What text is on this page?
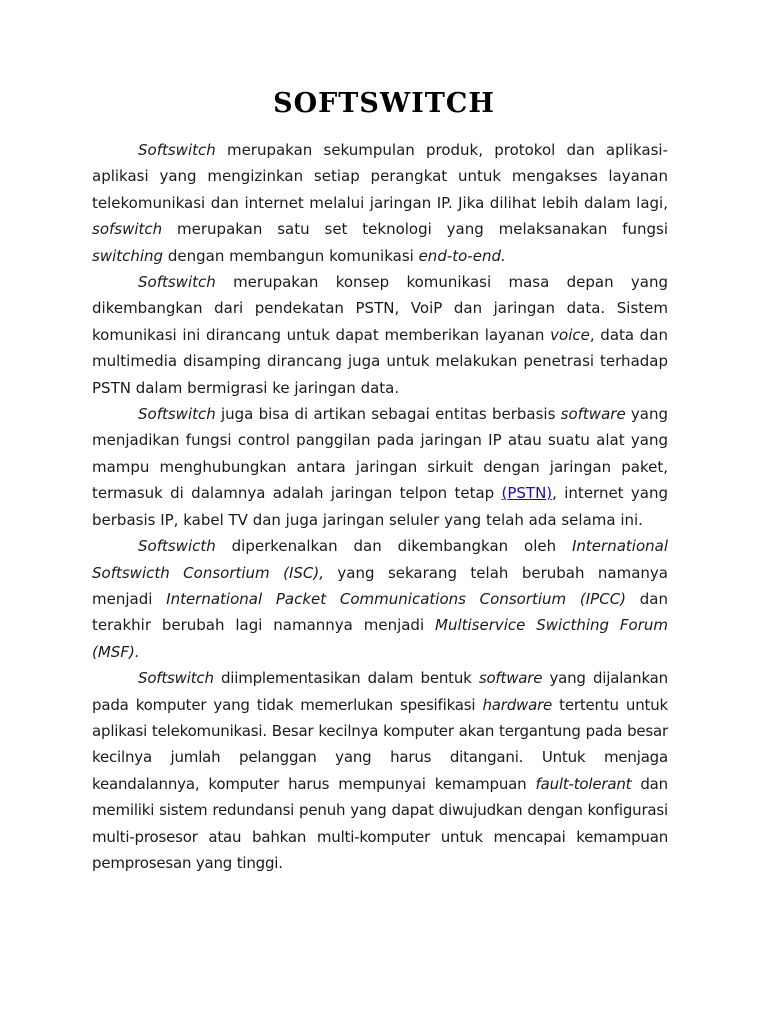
SOFTSWITCH

Softswitch merupakan sekumpulan produk, protokol dan aplikasi-aplikasi yang mengizinkan setiap perangkat untuk mengakses layanan telekomunikasi dan internet melalui jaringan IP. Jika dilihat lebih dalam lagi, sofswitch merupakan satu set teknologi yang melaksanakan fungsi switching dengan membangun komunikasi end-to-end.

Softswitch merupakan konsep komunikasi masa depan yang dikembangkan dari pendekatan PSTN, VoiP dan jaringan data. Sistem komunikasi ini dirancang untuk dapat memberikan layanan voice, data dan multimedia disamping dirancang juga untuk melakukan penetrasi terhadap PSTN dalam bermigrasi ke jaringan data.

Softswitch juga bisa di artikan sebagai entitas berbasis software yang menjadikan fungsi control panggilan pada jaringan IP atau suatu alat yang mampu menghubungkan antara jaringan sirkuit dengan jaringan paket, termasuk di dalamnya adalah jaringan telpon tetap (PSTN), internet yang berbasis IP, kabel TV dan juga jaringan seluler yang telah ada selama ini.

Softswicth diperkenalkan dan dikembangkan oleh International Softswicth Consortium (ISC), yang sekarang telah berubah namanya menjadi International Packet Communications Consortium (IPCC) dan terakhir berubah lagi namannya menjadi Multiservice Swicthing Forum (MSF).

Softswitch diimplementasikan dalam bentuk software yang dijalankan pada komputer yang tidak memerlukan spesifikasi hardware tertentu untuk aplikasi telekomunikasi. Besar kecilnya komputer akan tergantung pada besar kecilnya jumlah pelanggan yang harus ditangani. Untuk menjaga keandalannya, komputer harus mempunyai kemampuan fault-tolerant dan memiliki sistem redundansi penuh yang dapat diwujudkan dengan konfigurasi multi-prosesor atau bahkan multi-komputer untuk mencapai kemampuan pemprosesan yang tinggi.
